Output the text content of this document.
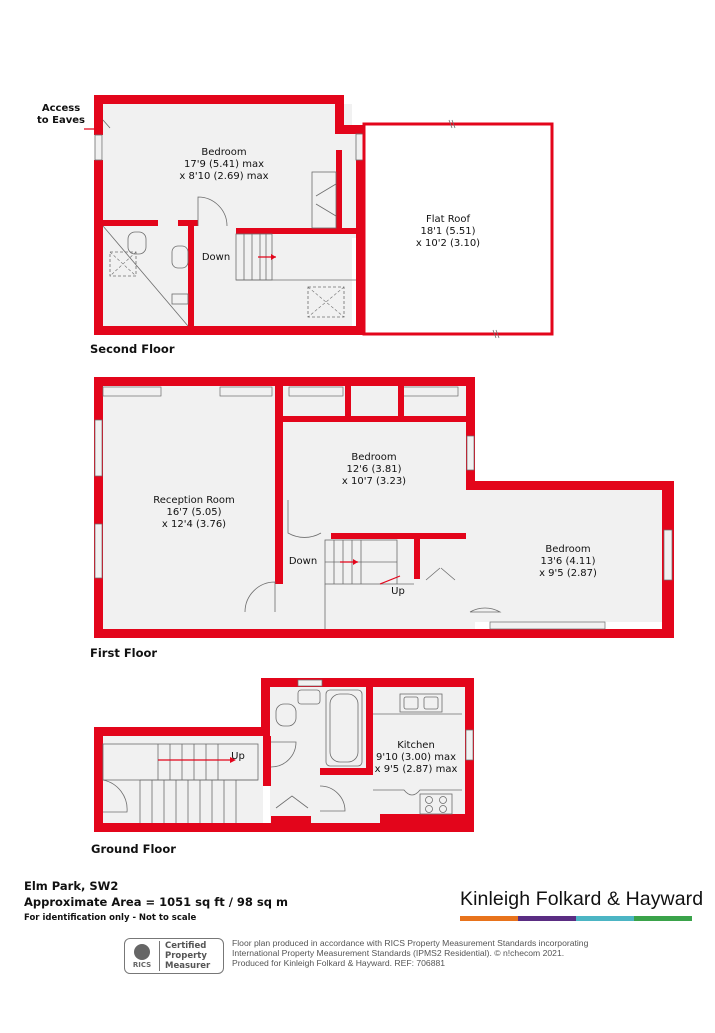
Access
to Eaves
Bedroom
17'9 (5.41) max
x 8'10 (2.69) max
Down
Flat Roof
18'1 (5.51)
x 10'2 (3.10)
Second Floor
Reception Room
16'7 (5.05)
x 12'4 (3.76)
Bedroom
12'6 (3.81)
x 10'7 (3.23)
Bedroom
13'6 (4.11)
x 9'5 (2.87)
Down
Up
First Floor
Up
Kitchen
9'10 (3.00) max
x 9'5 (2.87) max
Ground Floor
Elm Park, SW2
Approximate Area = 1051 sq ft / 98 sq m
For identification only - Not to scale
Kinleigh Folkard & Hayward
RICS
Certified
Property
Measurer
Floor plan produced in accordance with RICS Property Measurement Standards incorporating
International Property Measurement Standards (IPMS2 Residential). © n!checom 2021.
Produced for Kinleigh Folkard & Hayward. REF: 706881
